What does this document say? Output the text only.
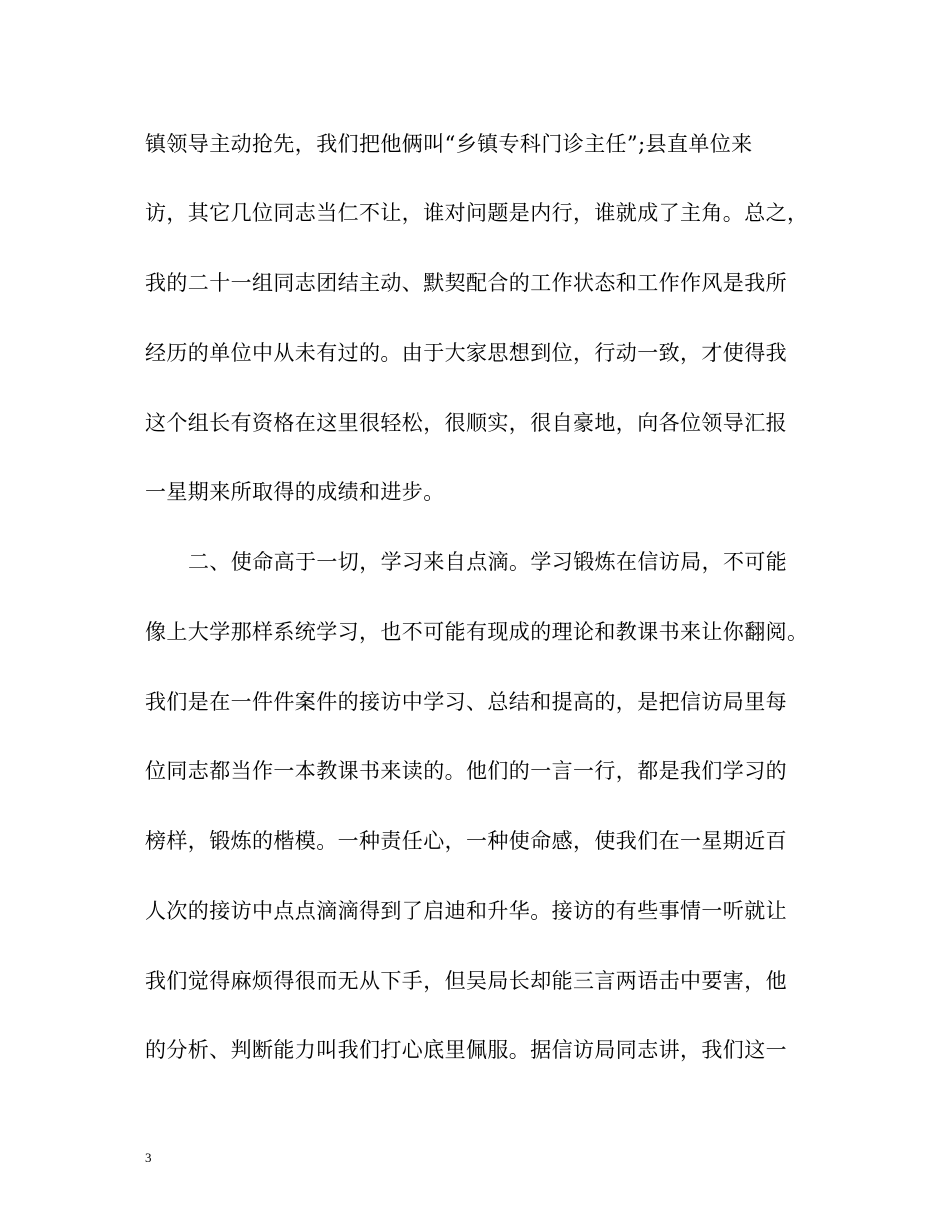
镇领导主动抢先，我们把他俩叫“乡镇专科门诊主任”;县直单位来
访，其它几位同志当仁不让，谁对问题是内行，谁就成了主角。总之，
我的二十一组同志团结主动、默契配合的工作状态和工作作风是我所
经历的单位中从未有过的。由于大家思想到位，行动一致，才使得我
这个组长有资格在这里很轻松，很顺实，很自豪地，向各位领导汇报
一星期来所取得的成绩和进步。
二、使命高于一切，学习来自点滴。学习锻炼在信访局，不可能
像上大学那样系统学习，也不可能有现成的理论和教课书来让你翻阅。
我们是在一件件案件的接访中学习、总结和提高的，是把信访局里每
位同志都当作一本教课书来读的。他们的一言一行，都是我们学习的
榜样，锻炼的楷模。一种责任心，一种使命感，使我们在一星期近百
人次的接访中点点滴滴得到了启迪和升华。接访的有些事情一听就让
我们觉得麻烦得很而无从下手，但吴局长却能三言两语击中要害，他
的分析、判断能力叫我们打心底里佩服。据信访局同志讲，我们这一
3
